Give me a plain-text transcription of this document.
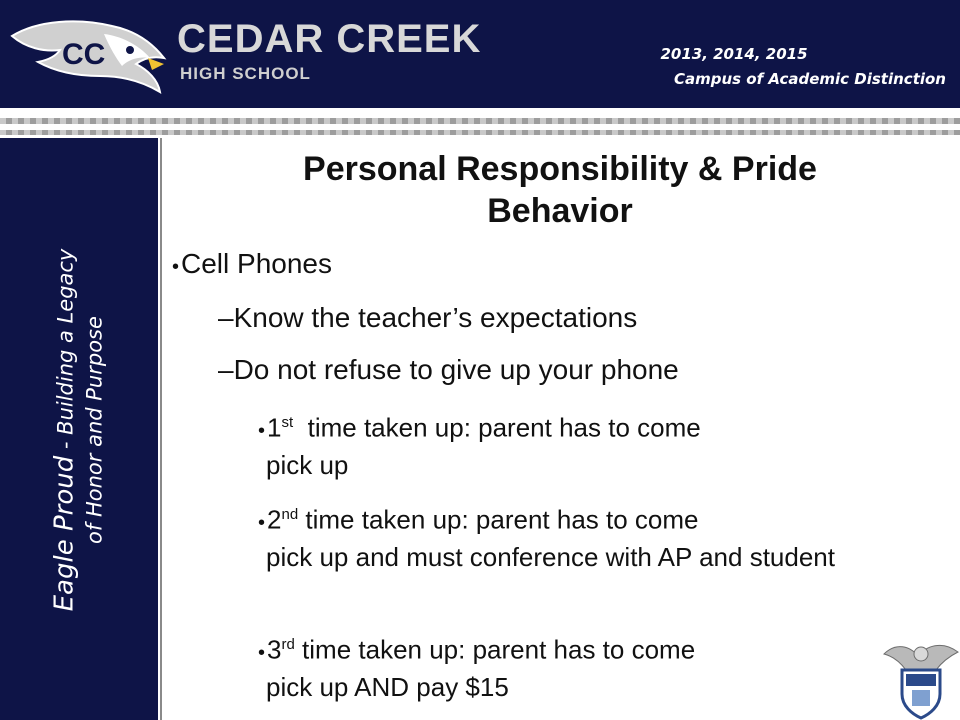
CC CEDAR CREEK
HIGH SCHOOL
2013, 2014, 2015
Campus of Academic Distinction
Eagle Proud - Building a Legacy of Honor and Purpose
Personal Responsibility & Pride
Behavior
•Cell Phones
–Know the teacher’s expectations
–Do not refuse to give up your phone
•1st  time taken up: parent has to come
pick up
•2nd time taken up: parent has to come
pick up and must conference with AP and student
•3rd time taken up: parent has to come
pick up AND pay $15
